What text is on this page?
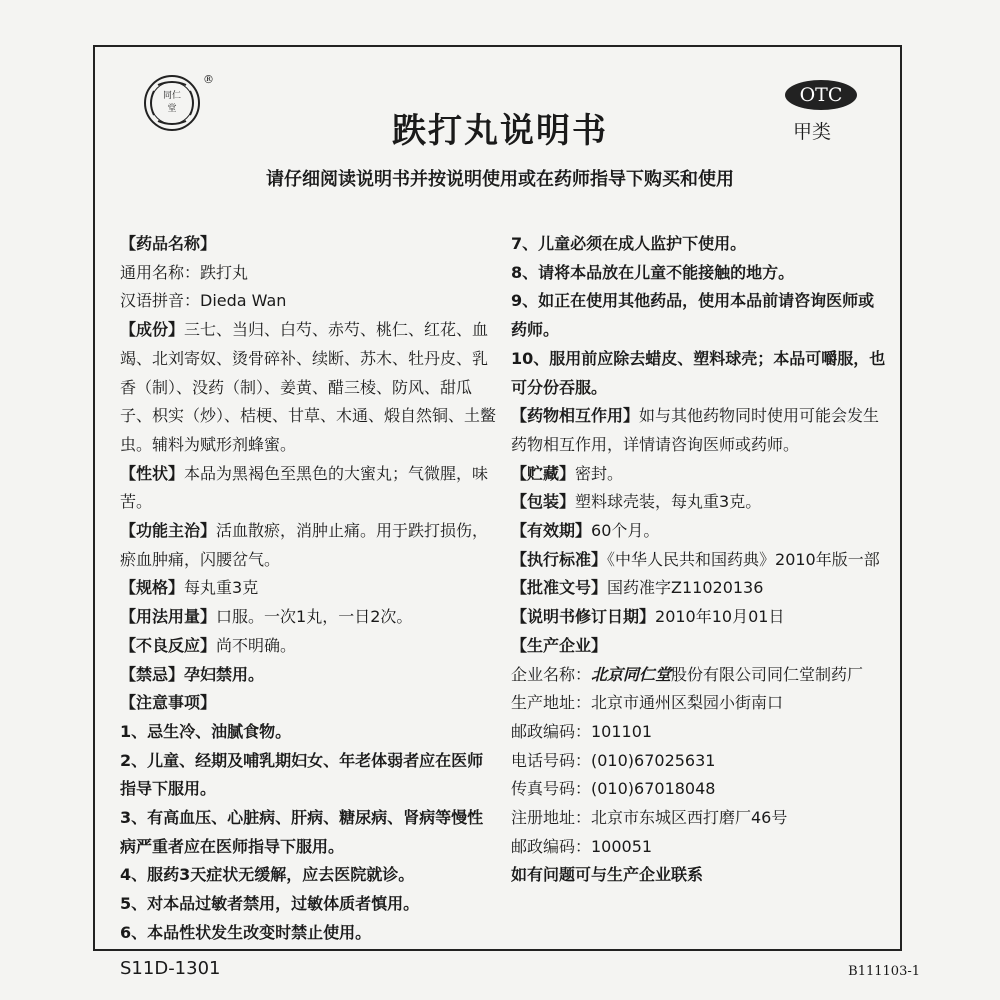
同仁
堂
®
跌打丸说明书
OTC
甲类
请仔细阅读说明书并按说明使用或在药师指导下购买和使用

【药品名称】

通用名称：跌打丸

汉语拼音：Dieda Wan

【成份】三七、当归、白芍、赤芍、桃仁、红花、血竭、北刘寄奴、烫骨碎补、续断、苏木、牡丹皮、乳香（制）、没药（制）、姜黄、醋三棱、防风、甜瓜子、枳实（炒）、桔梗、甘草、木通、煅自然铜、土鳖虫。辅料为赋形剂蜂蜜。

【性状】本品为黑褐色至黑色的大蜜丸；气微腥，味苦。

【功能主治】活血散瘀，消肿止痛。用于跌打损伤，瘀血肿痛，闪腰岔气。

【规格】每丸重3克

【用法用量】口服。一次1丸，一日2次。

【不良反应】尚不明确。

【禁忌】孕妇禁用。

【注意事项】

1、忌生冷、油腻食物。

2、儿童、经期及哺乳期妇女、年老体弱者应在医师指导下服用。

3、有高血压、心脏病、肝病、糖尿病、肾病等慢性病严重者应在医师指导下服用。

4、服药3天症状无缓解，应去医院就诊。

5、对本品过敏者禁用，过敏体质者慎用。

6、本品性状发生改变时禁止使用。

7、儿童必须在成人监护下使用。

8、请将本品放在儿童不能接触的地方。

9、如正在使用其他药品，使用本品前请咨询医师或药师。

10、服用前应除去蜡皮、塑料球壳；本品可嚼服，也可分份吞服。

【药物相互作用】如与其他药物同时使用可能会发生药物相互作用，详情请咨询医师或药师。

【贮藏】密封。

【包装】塑料球壳装，每丸重3克。

【有效期】60个月。

【执行标准】《中华人民共和国药典》2010年版一部

【批准文号】国药准字Z11020136

【说明书修订日期】2010年10月01日

【生产企业】

企业名称：北京同仁堂股份有限公司同仁堂制药厂

生产地址：北京市通州区梨园小街南口

邮政编码：101101

电话号码：(010)67025631

传真号码：(010)67018048

注册地址：北京市东城区西打磨厂46号

邮政编码：100051

如有问题可与生产企业联系

S11D-1301	B111103-1
